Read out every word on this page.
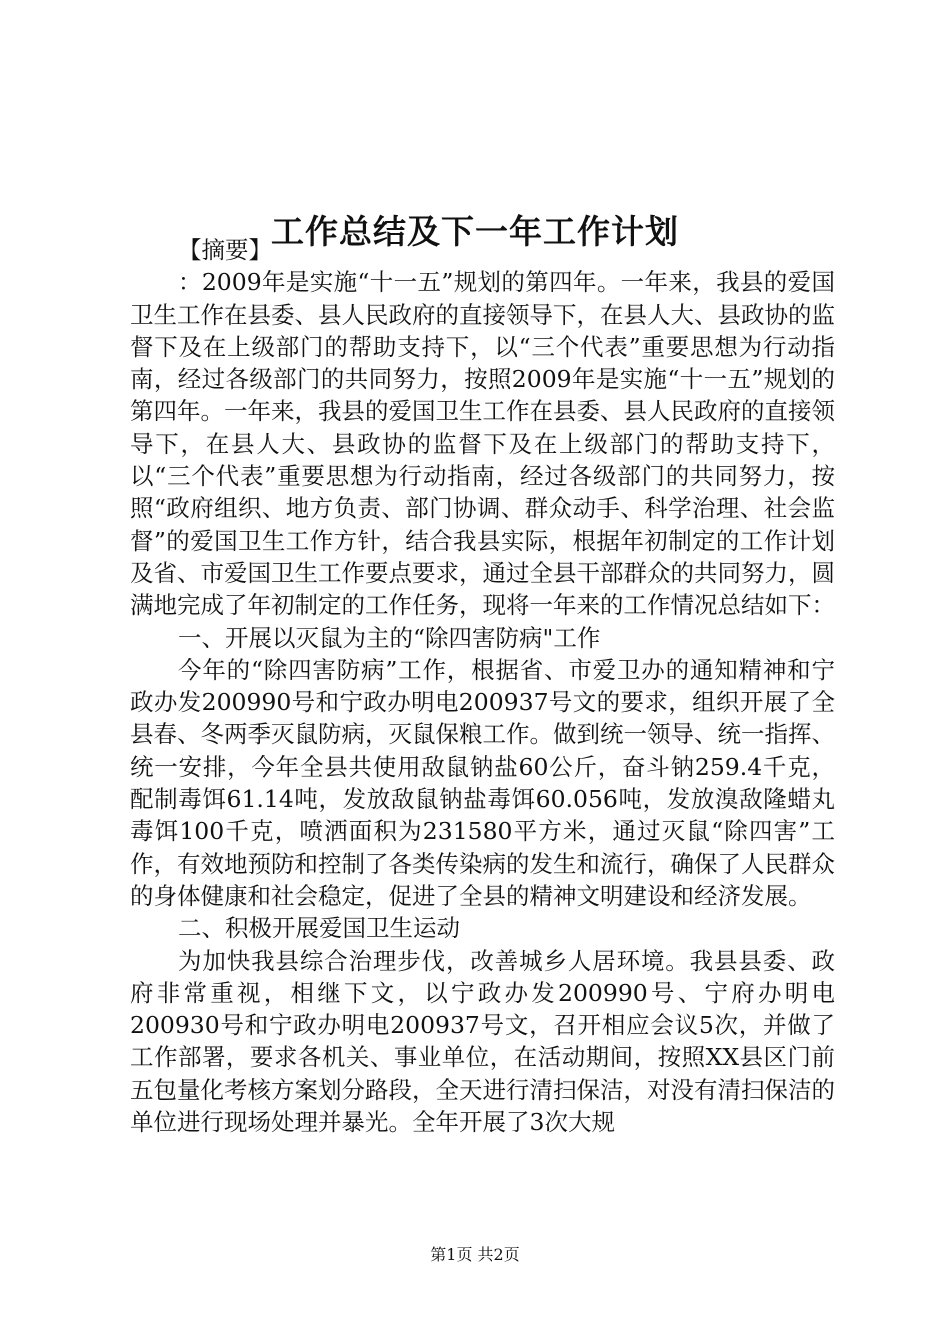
工作总结及下一年工作计划

【摘要】

：2009年是实施“十一五”规划的第四年。一年来，我县的爱国卫生工作在县委、县人民政府的直接领导下，在县人大、县政协的监督下及在上级部门的帮助支持下，以“三个代表”重要思想为行动指南，经过各级部门的共同努力，按照2009年是实施“十一五”规划的第四年。一年来，我县的爱国卫生工作在县委、县人民政府的直接领导下，在县人大、县政协的监督下及在上级部门的帮助支持下，以“三个代表”重要思想为行动指南，经过各级部门的共同努力，按照“政府组织、地方负责、部门协调、群众动手、科学治理、社会监督”的爱国卫生工作方针，结合我县实际，根据年初制定的工作计划及省、市爱国卫生工作要点要求，通过全县干部群众的共同努力，圆满地完成了年初制定的工作任务，现将一年来的工作情况总结如下：

一、开展以灭鼠为主的“除四害防病"工作

今年的“除四害防病”工作，根据省、市爱卫办的通知精神和宁政办发200990号和宁政办明电200937号文的要求，组织开展了全县春、冬两季灭鼠防病，灭鼠保粮工作。做到统一领导、统一指挥、统一安排，今年全县共使用敌鼠钠盐60公斤，奋斗钠259.4千克，配制毒饵61.14吨，发放敌鼠钠盐毒饵60.056吨，发放溴敌隆蜡丸毒饵100千克，喷洒面积为231580平方米，通过灭鼠“除四害”工作，有效地预防和控制了各类传染病的发生和流行，确保了人民群众的身体健康和社会稳定，促进了全县的精神文明建设和经济发展。

二、积极开展爱国卫生运动

为加快我县综合治理步伐，改善城乡人居环境。我县县委、政府非常重视，相继下文，以宁政办发200990号、宁府办明电200930号和宁政办明电200937号文，召开相应会议5次，并做了工作部署，要求各机关、事业单位，在活动期间，按照XX县区门前五包量化考核方案划分路段，全天进行清扫保洁，对没有清扫保洁的单位进行现场处理并暴光。全年开展了3次大规

第1页 共2页
